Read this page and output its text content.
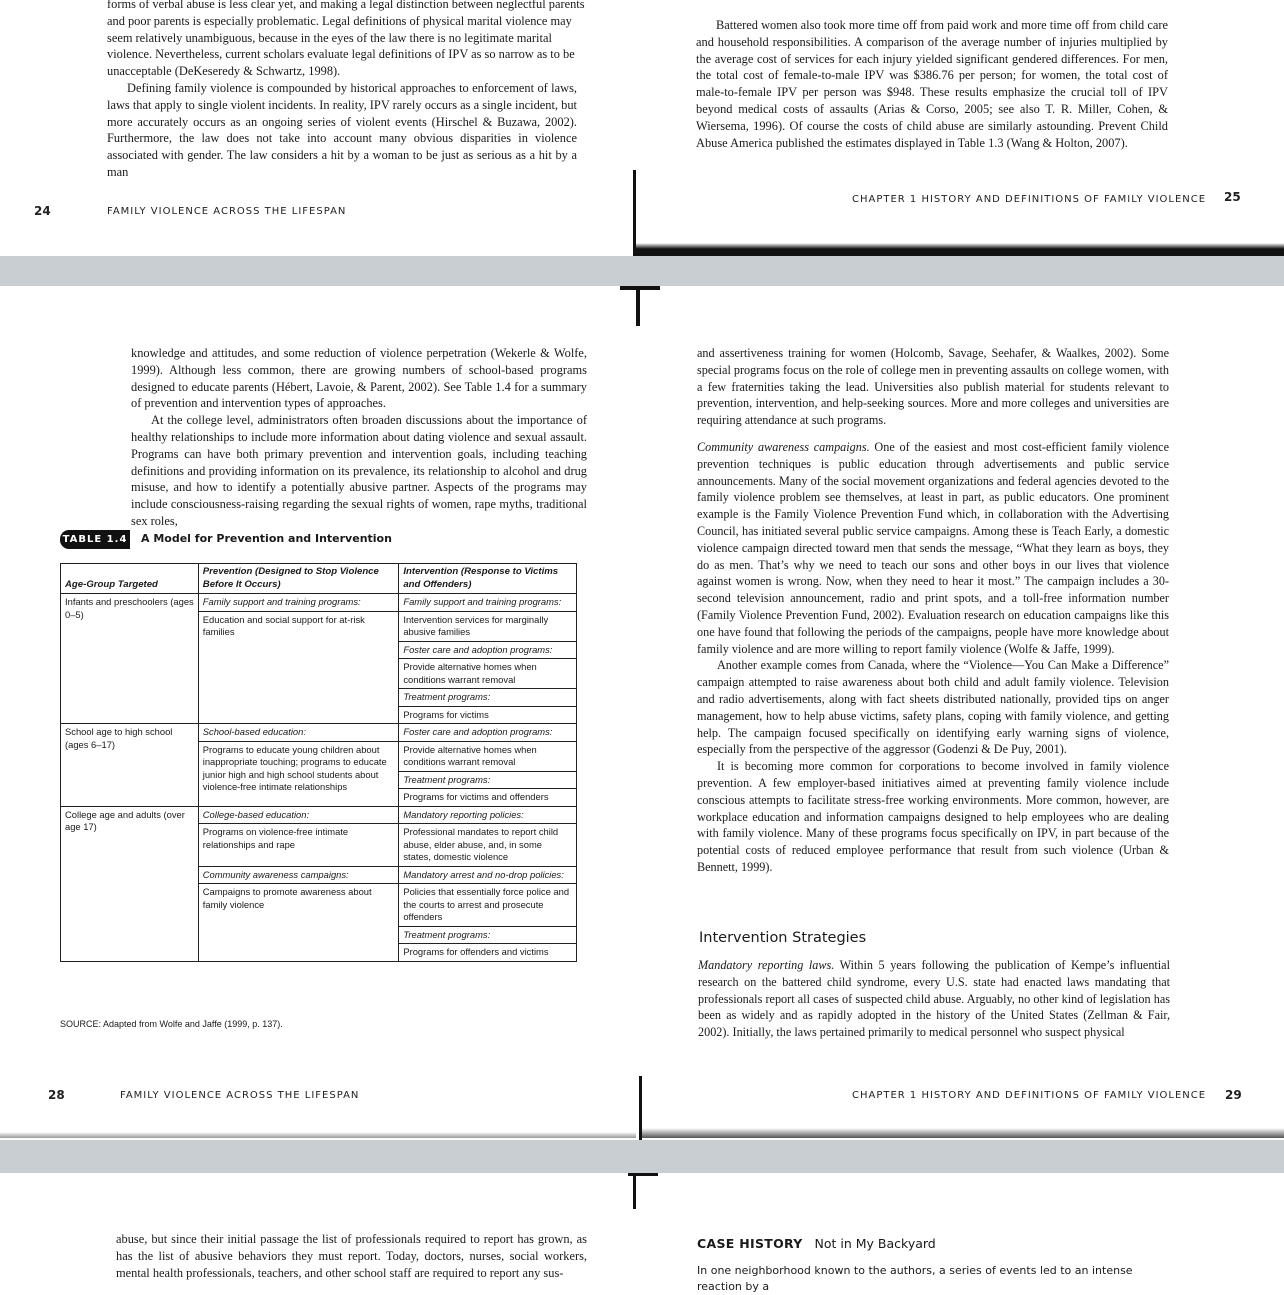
forms of verbal abuse is less clear yet, and making a legal distinction between neglectful parents

and poor parents is especially problematic. Legal definitions of physical marital violence may

seem relatively unambiguous, because in the eyes of the law there is no legitimate marital

violence. Nevertheless, current scholars evaluate legal definitions of IPV as so narrow as to be

unacceptable (DeKeseredy & Schwartz, 1998).

Defining family violence is compounded by historical approaches to enforcement of laws, laws that apply to single violent incidents. In reality, IPV rarely occurs as a single incident, but more accurately occurs as an ongoing series of violent events (Hirschel & Buzawa, 2002). Furthermore, the law does not take into account many obvious disparities in violence associated with gender. The law considers a hit by a woman to be just as serious as a hit by a man

24	FAMILY VIOLENCE ACROSS THE LIFESPAN

Battered women also took more time off from paid work and more time off from child care and household responsibilities. A comparison of the average number of injuries multiplied by the average cost of services for each injury yielded significant gendered differences. For men, the total cost of female-to-male IPV was $386.76 per person; for women, the total cost of male-to-female IPV per person was $948. These results emphasize the crucial toll of IPV beyond medical costs of assaults (Arias & Corso, 2005; see also T. R. Miller, Cohen, & Wiersema, 1996). Of course the costs of child abuse are similarly astounding. Prevent Child Abuse America published the estimates displayed in Table 1.3 (Wang & Holton, 2007).

CHAPTER 1 HISTORY AND DEFINITIONS OF FAMILY VIOLENCE 25

knowledge and attitudes, and some reduction of violence perpetration (Wekerle & Wolfe, 1999). Although less common, there are growing numbers of school-based programs designed to educate parents (Hébert, Lavoie, & Parent, 2002). See Table 1.4 for a summary of prevention and intervention types of approaches.

At the college level, administrators often broaden discussions about the importance of healthy relationships to include more information about dating violence and sexual assault. Programs can have both primary prevention and intervention goals, including teaching definitions and providing information on its prevalence, its relationship to alcohol and drug misuse, and how to identify a potentially abusive partner. Aspects of the programs may include consciousness-raising regarding the sexual rights of women, rape myths, traditional sex roles,

TABLE 1.4 A Model for Prevention and Intervention
Age-Group Targeted	Prevention (Designed to Stop Violence Before It Occurs)	Intervention (Response to Victims and Offenders)
Infants and preschoolers (ages 0–5)	Family support and training programs:	Family support and training programs:
	Education and social support for at-risk families	Intervention services for marginally abusive families
		Foster care and adoption programs:
		Provide alternative homes when conditions warrant removal
		Treatment programs:
		Programs for victims
School age to high school (ages 6–17)	School-based education:	Foster care and adoption programs:
	Programs to educate young children about inappropriate touching; programs to educate junior high and high school students about violence-free intimate relationships	Provide alternative homes when conditions warrant removal
		Treatment programs:
		Programs for victims and offenders
College age and adults (over age 17)	College-based education:	Mandatory reporting policies:
	Programs on violence-free intimate relationships and rape	Professional mandates to report child abuse, elder abuse, and, in some states, domestic violence
	Community awareness campaigns:	Mandatory arrest and no-drop policies:
	Campaigns to promote awareness about family violence	Policies that essentially force police and the courts to arrest and prosecute offenders
		Treatment programs:
		Programs for offenders and victims
SOURCE: Adapted from Wolfe and Jaffe (1999, p. 137).
28	FAMILY VIOLENCE ACROSS THE LIFESPAN

and assertiveness training for women (Holcomb, Savage, Seehafer, & Waalkes, 2002). Some special programs focus on the role of college men in preventing assaults on college women, with a few fraternities taking the lead. Universities also publish material for students relevant to prevention, intervention, and help-seeking sources. More and more colleges and universities are requiring attendance at such programs.

Community awareness campaigns. One of the easiest and most cost-efficient family violence prevention techniques is public education through advertisements and public service announcements. Many of the social movement organizations and federal agencies devoted to the family violence problem see themselves, at least in part, as public educators. One prominent example is the Family Violence Prevention Fund which, in collaboration with the Advertising Council, has initiated several public service campaigns. Among these is Teach Early, a domestic violence campaign directed toward men that sends the message, “What they learn as boys, they do as men. That’s why we need to teach our sons and other boys in our lives that violence against women is wrong. Now, when they need to hear it most.” The campaign includes a 30-second television announcement, radio and print spots, and a toll-free information number (Family Violence Prevention Fund, 2002). Evaluation research on education campaigns like this one have found that following the periods of the campaigns, people have more knowledge about family violence and are more willing to report family violence (Wolfe & Jaffe, 1999).

Another example comes from Canada, where the “Violence—You Can Make a Difference” campaign attempted to raise awareness about both child and adult family violence. Television and radio advertisements, along with fact sheets distributed nationally, provided tips on anger management, how to help abuse victims, safety plans, coping with family violence, and getting help. The campaign focused specifically on identifying early warning signs of violence, especially from the perspective of the aggressor (Godenzi & De Puy, 2001).

It is becoming more common for corporations to become involved in family violence prevention. A few employer-based initiatives aimed at preventing family violence include conscious attempts to facilitate stress-free working environments. More common, however, are workplace education and information campaigns designed to help employees who are dealing with family violence. Many of these programs focus specifically on IPV, in part because of the potential costs of reduced employee performance that result from such violence (Urban & Bennett, 1999).

Intervention Strategies

Mandatory reporting laws. Within 5 years following the publication of Kempe’s influential research on the battered child syndrome, every U.S. state had enacted laws mandating that professionals report all cases of suspected child abuse. Arguably, no other kind of legislation has been as widely and as rapidly adopted in the history of the United States (Zellman & Fair, 2002). Initially, the laws pertained primarily to medical personnel who suspect physical

CHAPTER 1 HISTORY AND DEFINITIONS OF FAMILY VIOLENCE 29

abuse, but since their initial passage the list of professionals required to report has grown, as has the list of abusive behaviors they must report. Today, doctors, nurses, social workers, mental health professionals, teachers, and other school staff are required to report any sus-

CASE HISTORY Not in My Backyard
In one neighborhood known to the authors, a series of events led to an intense reaction by a
